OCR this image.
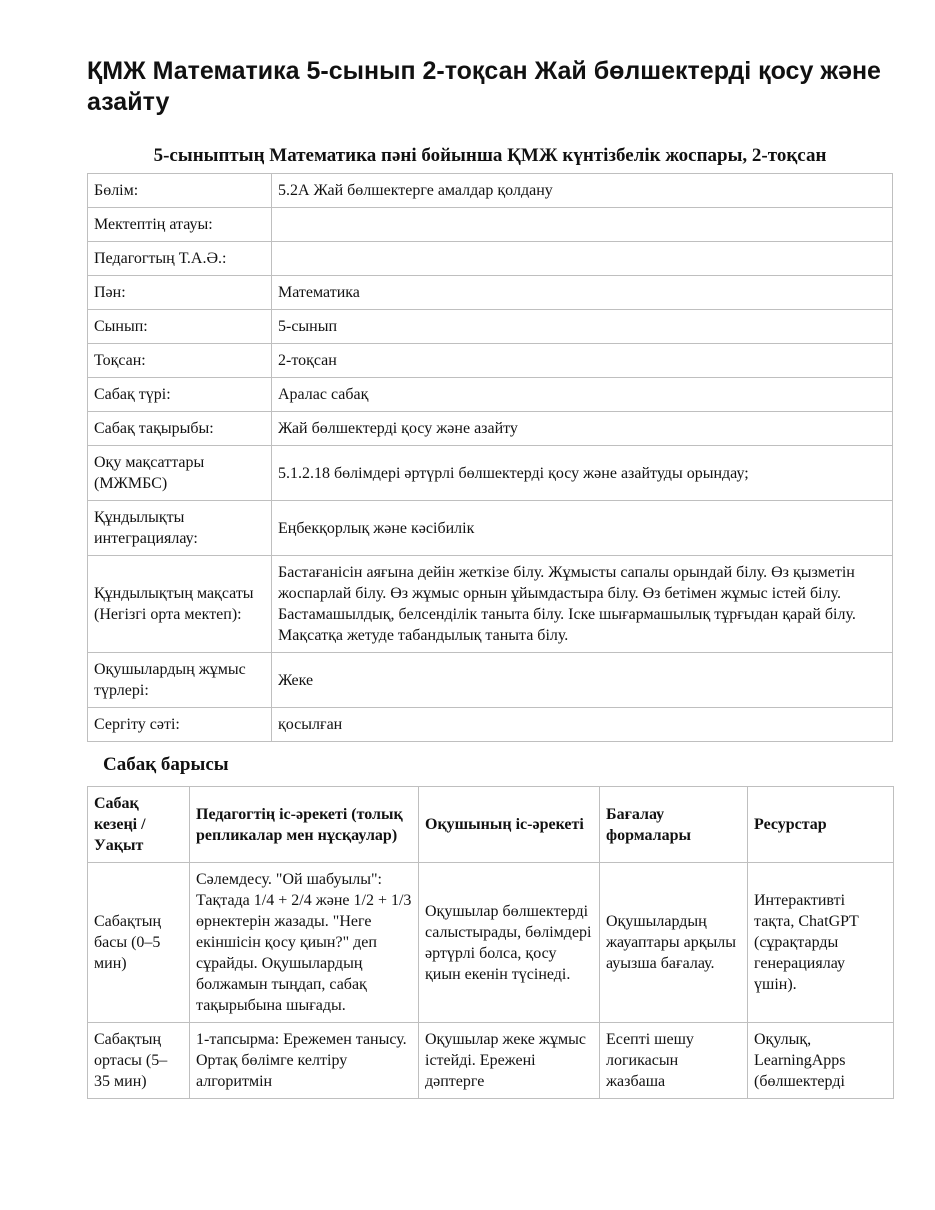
ҚМЖ Математика 5-сынып 2-тоқсан Жай бөлшектерді қосу және азайту
5-сыныптың Математика пәні бойынша ҚМЖ күнтізбелік жоспары, 2-тоқсан
Бөлім:	5.2А Жай бөлшектерге амалдар қолдану
Мектептің атауы:	
Педагогтың Т.А.Ә.:	
Пән:	Математика
Сынып:	5-сынып
Тоқсан:	2-тоқсан
Сабақ түрі:	Аралас сабақ
Сабақ тақырыбы:	Жай бөлшектерді қосу және азайту
Оқу мақсаттары (МЖМБС)	5.1.2.18 бөлімдері әртүрлі бөлшектерді қосу және азайтуды орындау;
Құндылықты интеграциялау:	Еңбекқорлық және кәсібилік
Құндылықтың мақсаты (Негізгі орта мектеп):	Бастағанісін аяғына дейін жеткізе білу. Жұмысты сапалы орындай білу. Өз қызметін жоспарлай білу. Өз жұмыс орнын ұйымдастыра білу. Өз бетімен жұмыс істей білу. Бастамашылдық, белсенділік таныта білу. Іске шығармашылық тұрғыдан қарай білу. Мақсатқа жетуде табандылық таныта білу.
Оқушылардың жұмыс түрлері:	Жеке
Сергіту сәті:	қосылған
Сабақ барысы
Сабақ кезеңі / Уақыт	Педагогтің іс-әрекеті (толық репликалар мен нұсқаулар)	Оқушының іс-әрекеті	Бағалау формалары	Ресурстар
Сабақтың басы (0–5 мин)	Сәлемдесу. "Ой шабуылы": Тақтада 1/4 + 2/4 және 1/2 + 1/3 өрнектерін жазады. "Неге екіншісін қосу қиын?" деп сұрайды. Оқушылардың болжамын тыңдап, сабақ тақырыбына шығады.	Оқушылар бөлшектерді салыстырады, бөлімдері әртүрлі болса, қосу қиын екенін түсінеді.	Оқушылардың жауаптары арқылы ауызша бағалау.	Интерактивті тақта, ChatGPT (сұрақтарды генерациялау үшін).
Сабақтың ортасы (5–35 мин)	1-тапсырма: Ережемен танысу. Ортақ бөлімге келтіру алгоритмін	Оқушылар жеке жұмыс істейді. Ережені дәптерге	Есепті шешу логикасын жазбаша	Оқулық, LearningApps (бөлшектерді
